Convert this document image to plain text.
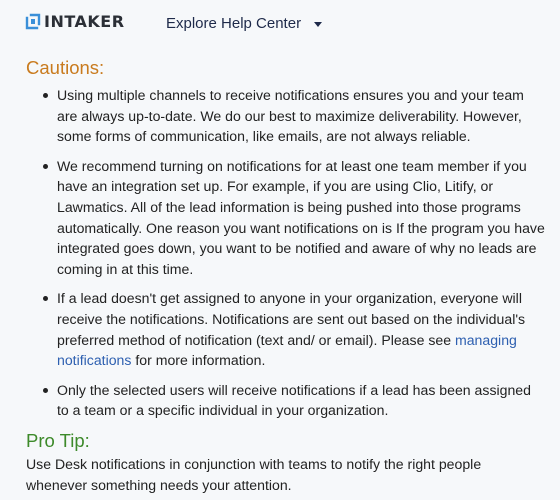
INTAKER	Explore Help Center
Cautions:
Using multiple channels to receive notifications ensures you and your team are always up-to-date. We do our best to maximize deliverability. However, some forms of communication, like emails, are not always reliable.
We recommend turning on notifications for at least one team member if you have an integration set up. For example, if you are using Clio, Litify, or Lawmatics. All of the lead information is being pushed into those programs automatically. One reason you want notifications on is If the program you have integrated goes down, you want to be notified and aware of why no leads are coming in at this time.
If a lead doesn't get assigned to anyone in your organization, everyone will receive the notifications. Notifications are sent out based on the individual's preferred method of notification (text and/ or email). Please see managing notifications for more information.
Only the selected users will receive notifications if a lead has been assigned to a team or a specific individual in your organization.
Pro Tip:

Use Desk notifications in conjunction with teams to notify the right people whenever something needs your attention.
